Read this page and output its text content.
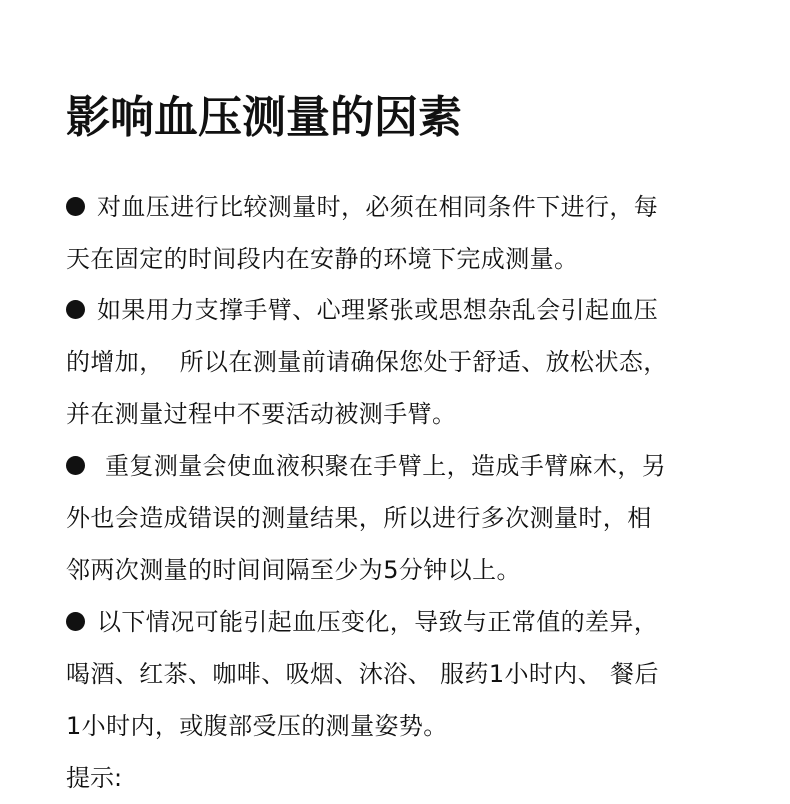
影响血压测量的因素
对血压进行比较测量时，必须在相同条件下进行，每
天在固定的时间段内在安静的环境下完成测量。
如果用力支撑手臂、心理紧张或思想杂乱会引起血压
的增加，  所以在测量前请确保您处于舒适、放松状态，
并在测量过程中不要活动被测手臂。
重复测量会使血液积聚在手臂上，造成手臂麻木，另
外也会造成错误的测量结果，所以进行多次测量时，相
邻两次测量的时间间隔至少为5分钟以上。
以下情况可能引起血压变化，导致与正常值的差异，
喝酒、红茶、咖啡、吸烟、沐浴、 服药1小时内、 餐后
1小时内，或腹部受压的测量姿势。

提示:
